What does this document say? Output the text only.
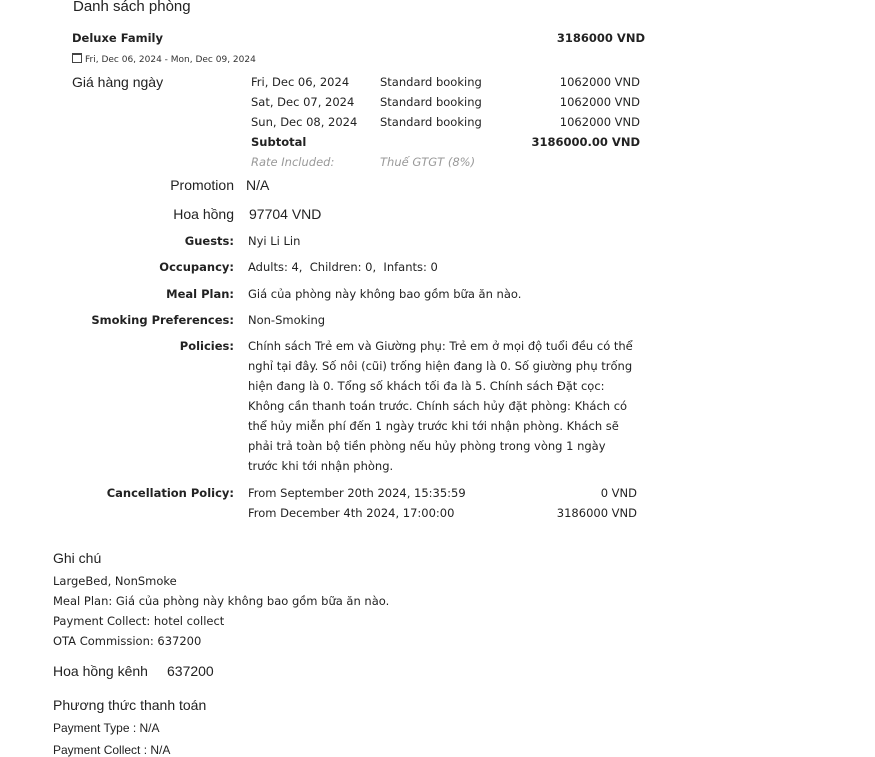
Danh sách phòng
Deluxe Family	3186000 VND
Fri, Dec 06, 2024 - Mon, Dec 09, 2024
Giá hàng ngày	Fri, Dec 06, 2024	Standard booking	1062000 VND
Sat, Dec 07, 2024 Standard booking	1062000 VND
Sun, Dec 08, 2024 Standard booking	1062000 VND
Subtotal	3186000.00 VND
Rate Included:	Thuế GTGT (8%)
Promotion N/A
Hoa hồng 97704 VND
Guests: Nyi Li Lin
Occupancy: Adults: 4,  Children: 0,  Infants: 0
Meal Plan: Giá của phòng này không bao gồm bữa ăn nào.
Smoking Preferences: Non-Smoking
Policies: Chính sách Trẻ em và Giường phụ: Trẻ em ở mọi độ tuổi đều có thể nghỉ tại đây. Số nôi (cũi) trống hiện đang là 0. Số giường phụ trống hiện đang là 0. Tổng số khách tối đa là 5. Chính sách Đặt cọc: Không cần thanh toán trước. Chính sách hủy đặt phòng: Khách có thể hủy miễn phí đến 1 ngày trước khi tới nhận phòng. Khách sẽ phải trả toàn bộ tiền phòng nếu hủy phòng trong vòng 1 ngày trước khi tới nhận phòng.
Cancellation Policy: From September 20th 2024, 15:35:59	0 VND
From December 4th 2024, 17:00:00	3186000 VND
Ghi chú
LargeBed, NonSmoke
Meal Plan: Giá của phòng này không bao gồm bữa ăn nào.
Payment Collect: hotel collect
OTA Commission: 637200
Hoa hồng kênh 637200
Phương thức thanh toán
Payment Type : N/A
Payment Collect : N/A
